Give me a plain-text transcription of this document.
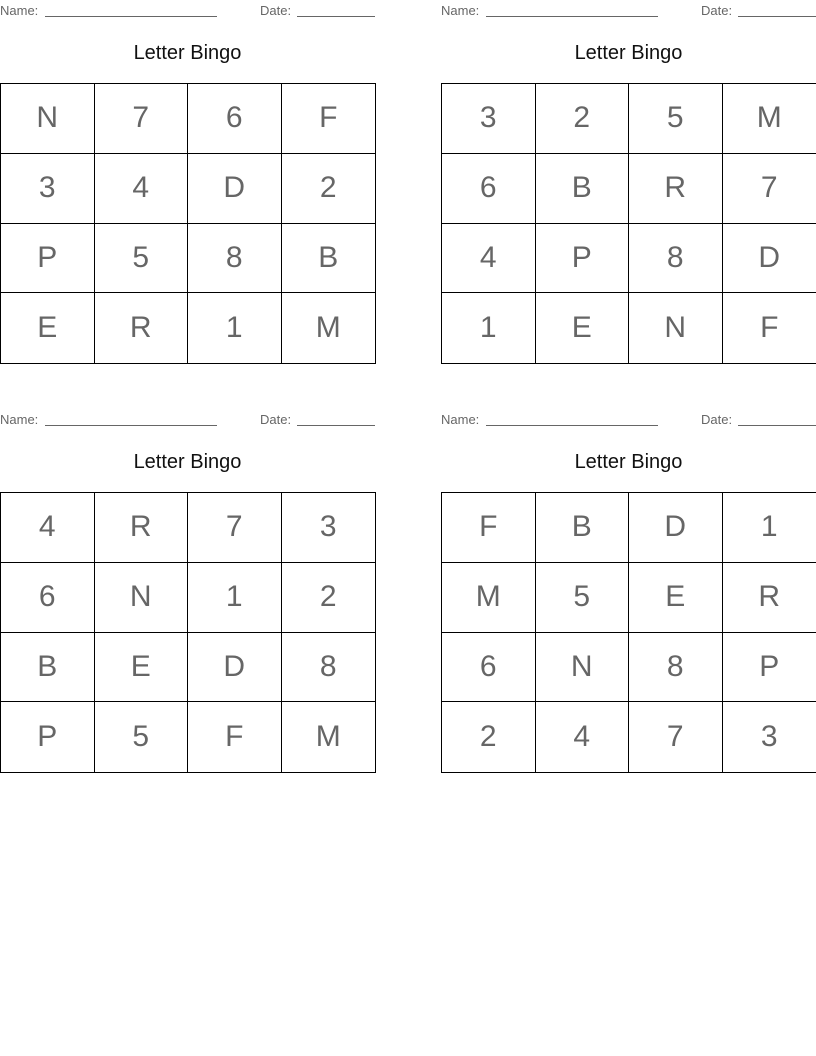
Name:	Date:
Letter Bingo
N	7	6	F
3	4	D	2
P	5	8	B
E	R	1	M
Name:	Date:
Letter Bingo
3	2	5	M
6	B	R	7
4	P	8	D
1	E	N	F
Name:	Date:
Letter Bingo
4	R	7	3
6	N	1	2
B	E	D	8
P	5	F	M
Name:	Date:
Letter Bingo
F	B	D	1
M	5	E	R
6	N	8	P
2	4	7	3
